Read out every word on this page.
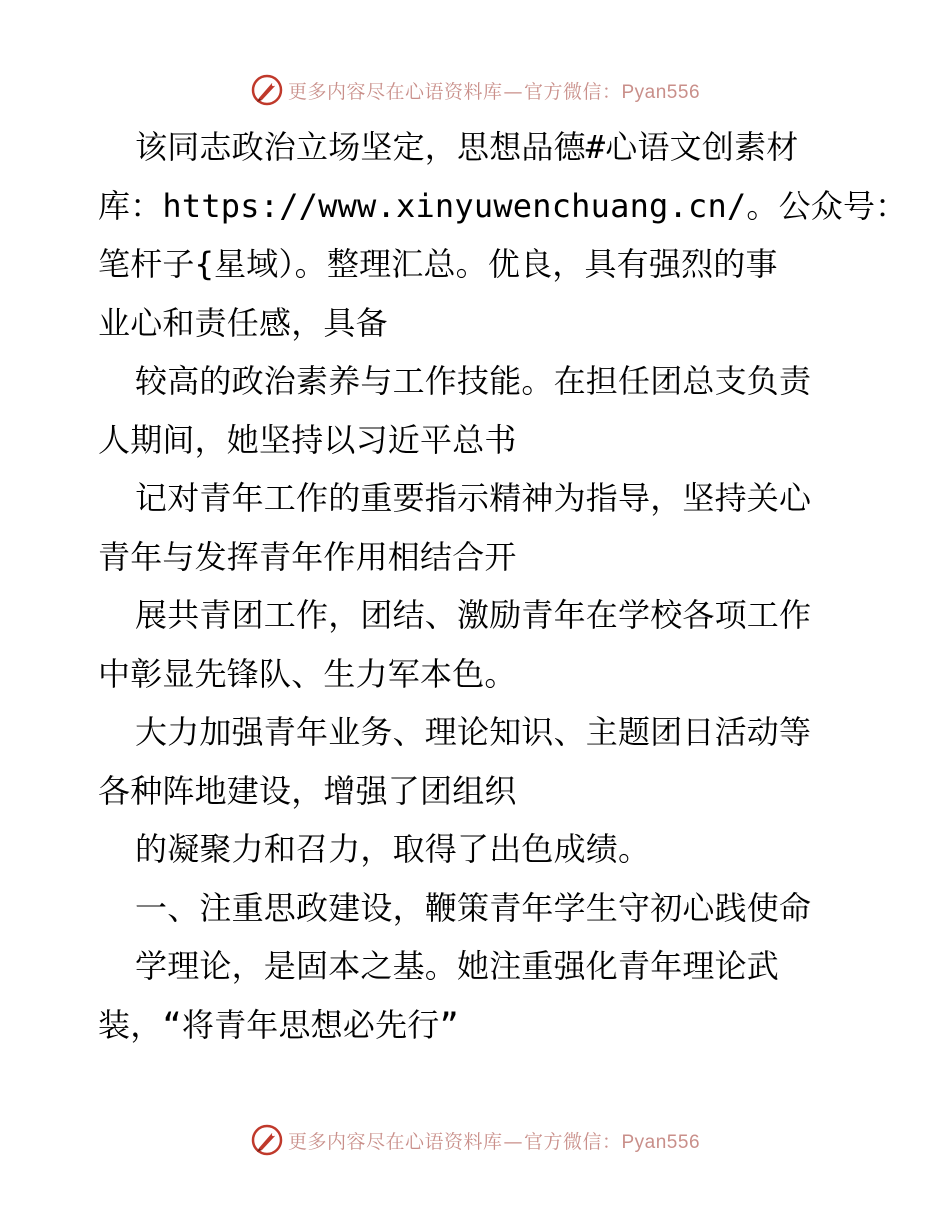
更多内容尽在心语资料库—官方微信：Pyan556
该同志政治立场坚定，思想品德#心语文创素材
库：https://www.xinyuwenchuang.cn/。公众号：
笔杆子{星域）。整理汇总。优良，具有强烈的事
业心和责任感，具备
较高的政治素养与工作技能。在担任团总支负责
人期间，她坚持以习近平总书
记对青年工作的重要指示精神为指导，坚持关心
青年与发挥青年作用相结合开
展共青团工作，团结、激励青年在学校各项工作
中彰显先锋队、生力军本色。
大力加强青年业务、理论知识、主题团日活动等
各种阵地建设，增强了团组织
的凝聚力和召力，取得了出色成绩。
一、注重思政建设，鞭策青年学生守初心践使命
学理论，是固本之基。她注重强化青年理论武
装，“将青年思想必先行”
更多内容尽在心语资料库—官方微信：Pyan556
